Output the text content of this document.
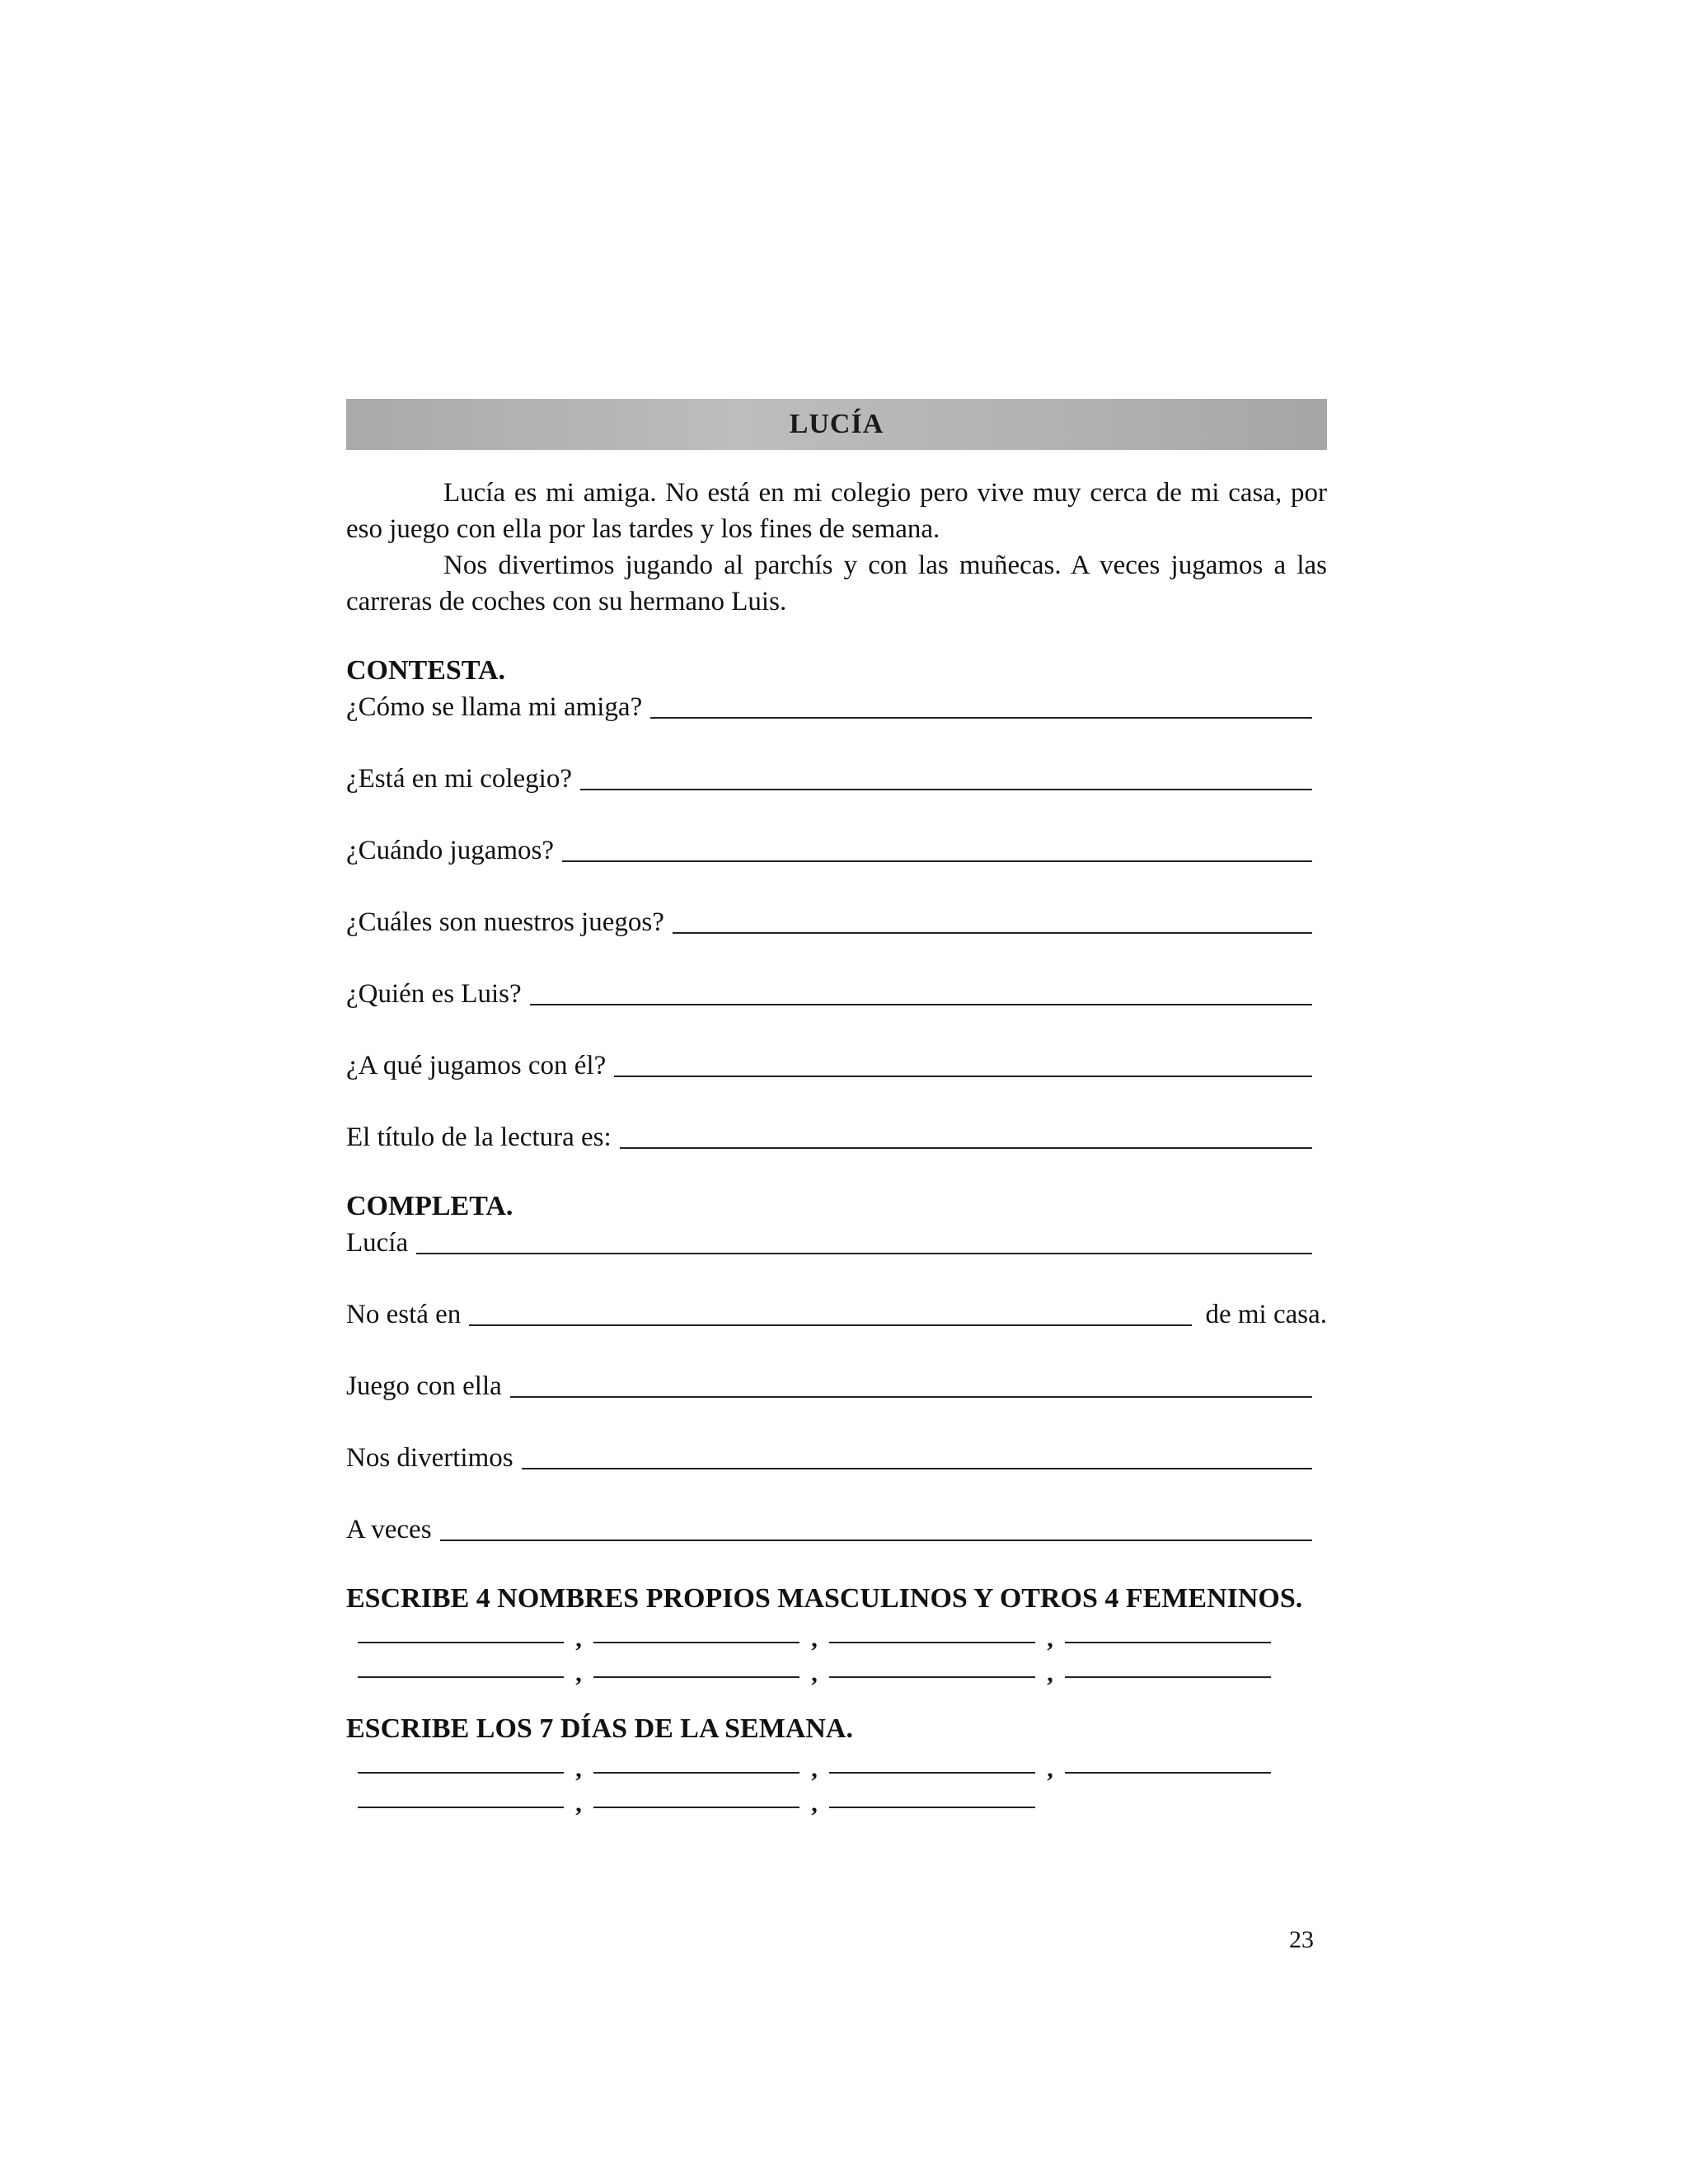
LUCÍA

Lucía es mi amiga. No está en mi colegio pero vive muy cerca de mi casa, por eso juego con ella por las tardes y los fines de semana.

Nos divertimos jugando al parchís y con las muñecas. A veces jugamos a las carreras de coches con su hermano Luis.

CONTESTA.
¿Cómo se llama mi amiga?
¿Está en mi colegio?
¿Cuándo jugamos?
¿Cuáles son nuestros juegos?
¿Quién es Luis?
¿A qué jugamos con él?
El título de la lectura es:
COMPLETA.
Lucía
No está en	de mi casa.
Juego con ella
Nos divertimos
A veces
ESCRIBE 4 NOMBRES PROPIOS MASCULINOS Y OTROS 4 FEMENINOS.
,	,	,
,	,	,
ESCRIBE LOS 7 DÍAS DE LA SEMANA.
,	,	,
,	,
23
